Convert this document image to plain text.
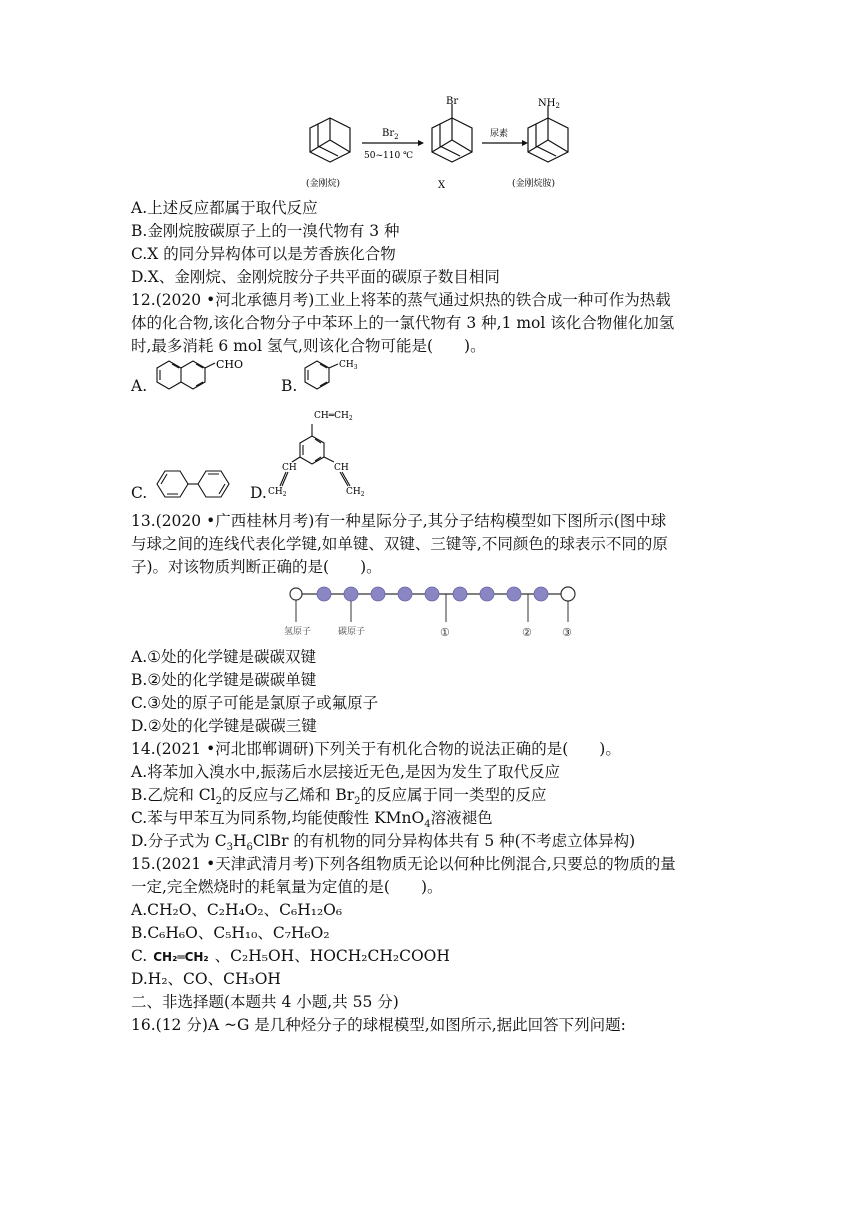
(金刚烷)
$Br_2$
50~110 ℃
Br
X
尿素
$NH_2$
(金刚烷胺)
A.上述反应都属于取代反应
B.金刚烷胺碳原子上的一溴代物有 3 种
C.X 的同分异构体可以是芳香族化合物
D.X、金刚烷、金刚烷胺分子共平面的碳原子数目相同
12.(2020 •河北承德月考)工业上将苯的蒸气通过炽热的铁合成一种可作为热载
体的化合物,该化合物分子中苯环上的一氯代物有 3 种,1 mol 该化合物催化加氢
时,最多消耗 6 mol 氢气,则该化合物可能是(　　)。
A.
CHO
B.
$CH_3$
C.	D.
$CH═CH_2$
CH	CH
$CH_2$	$CH_2$
13.(2020 •广西桂林月考)有一种星际分子,其分子结构模型如下图所示(图中球
与球之间的连线代表化学键,如单键、双键、三键等,不同颜色的球表示不同的原
子)。对该物质判断正确的是(　　)。
氢原子	碳原子	①	②	③
A.①处的化学键是碳碳双键
B.②处的化学键是碳碳单键
C.③处的原子可能是氯原子或氟原子
D.②处的化学键是碳碳三键
14.(2021 •河北邯郸调研)下列关于有机化合物的说法正确的是(　　)。
A.将苯加入溴水中,振荡后水层接近无色,是因为发生了取代反应
B.乙烷和 $Cl_2$的反应与乙烯和 $Br_2$的反应属于同一类型的反应
C.苯与甲苯互为同系物,均能使酸性 KMnO$_4$溶液褪色
D.分子式为 $C_3H_6ClBr$ 的有机物的同分异构体共有 5 种(不考虑立体异构)
15.(2021 •天津武清月考)下列各组物质无论以何种比例混合,只要总的物质的量
一定,完全燃烧时的耗氧量为定值的是(　　)。
A.CH₂O、C₂H₄O₂、C₆H₁₂O₆
B.C₆H₆O、C₅H₁₀、C₇H₆O₂
C. CH₂═CH₂ 、C₂H₅OH、HOCH₂CH₂COOH
D.H₂、CO、CH₃OH
二、非选择题(本题共 4 小题,共 55 分)
16.(12 分)A ~G 是几种烃分子的球棍模型,如图所示,据此回答下列问题:
